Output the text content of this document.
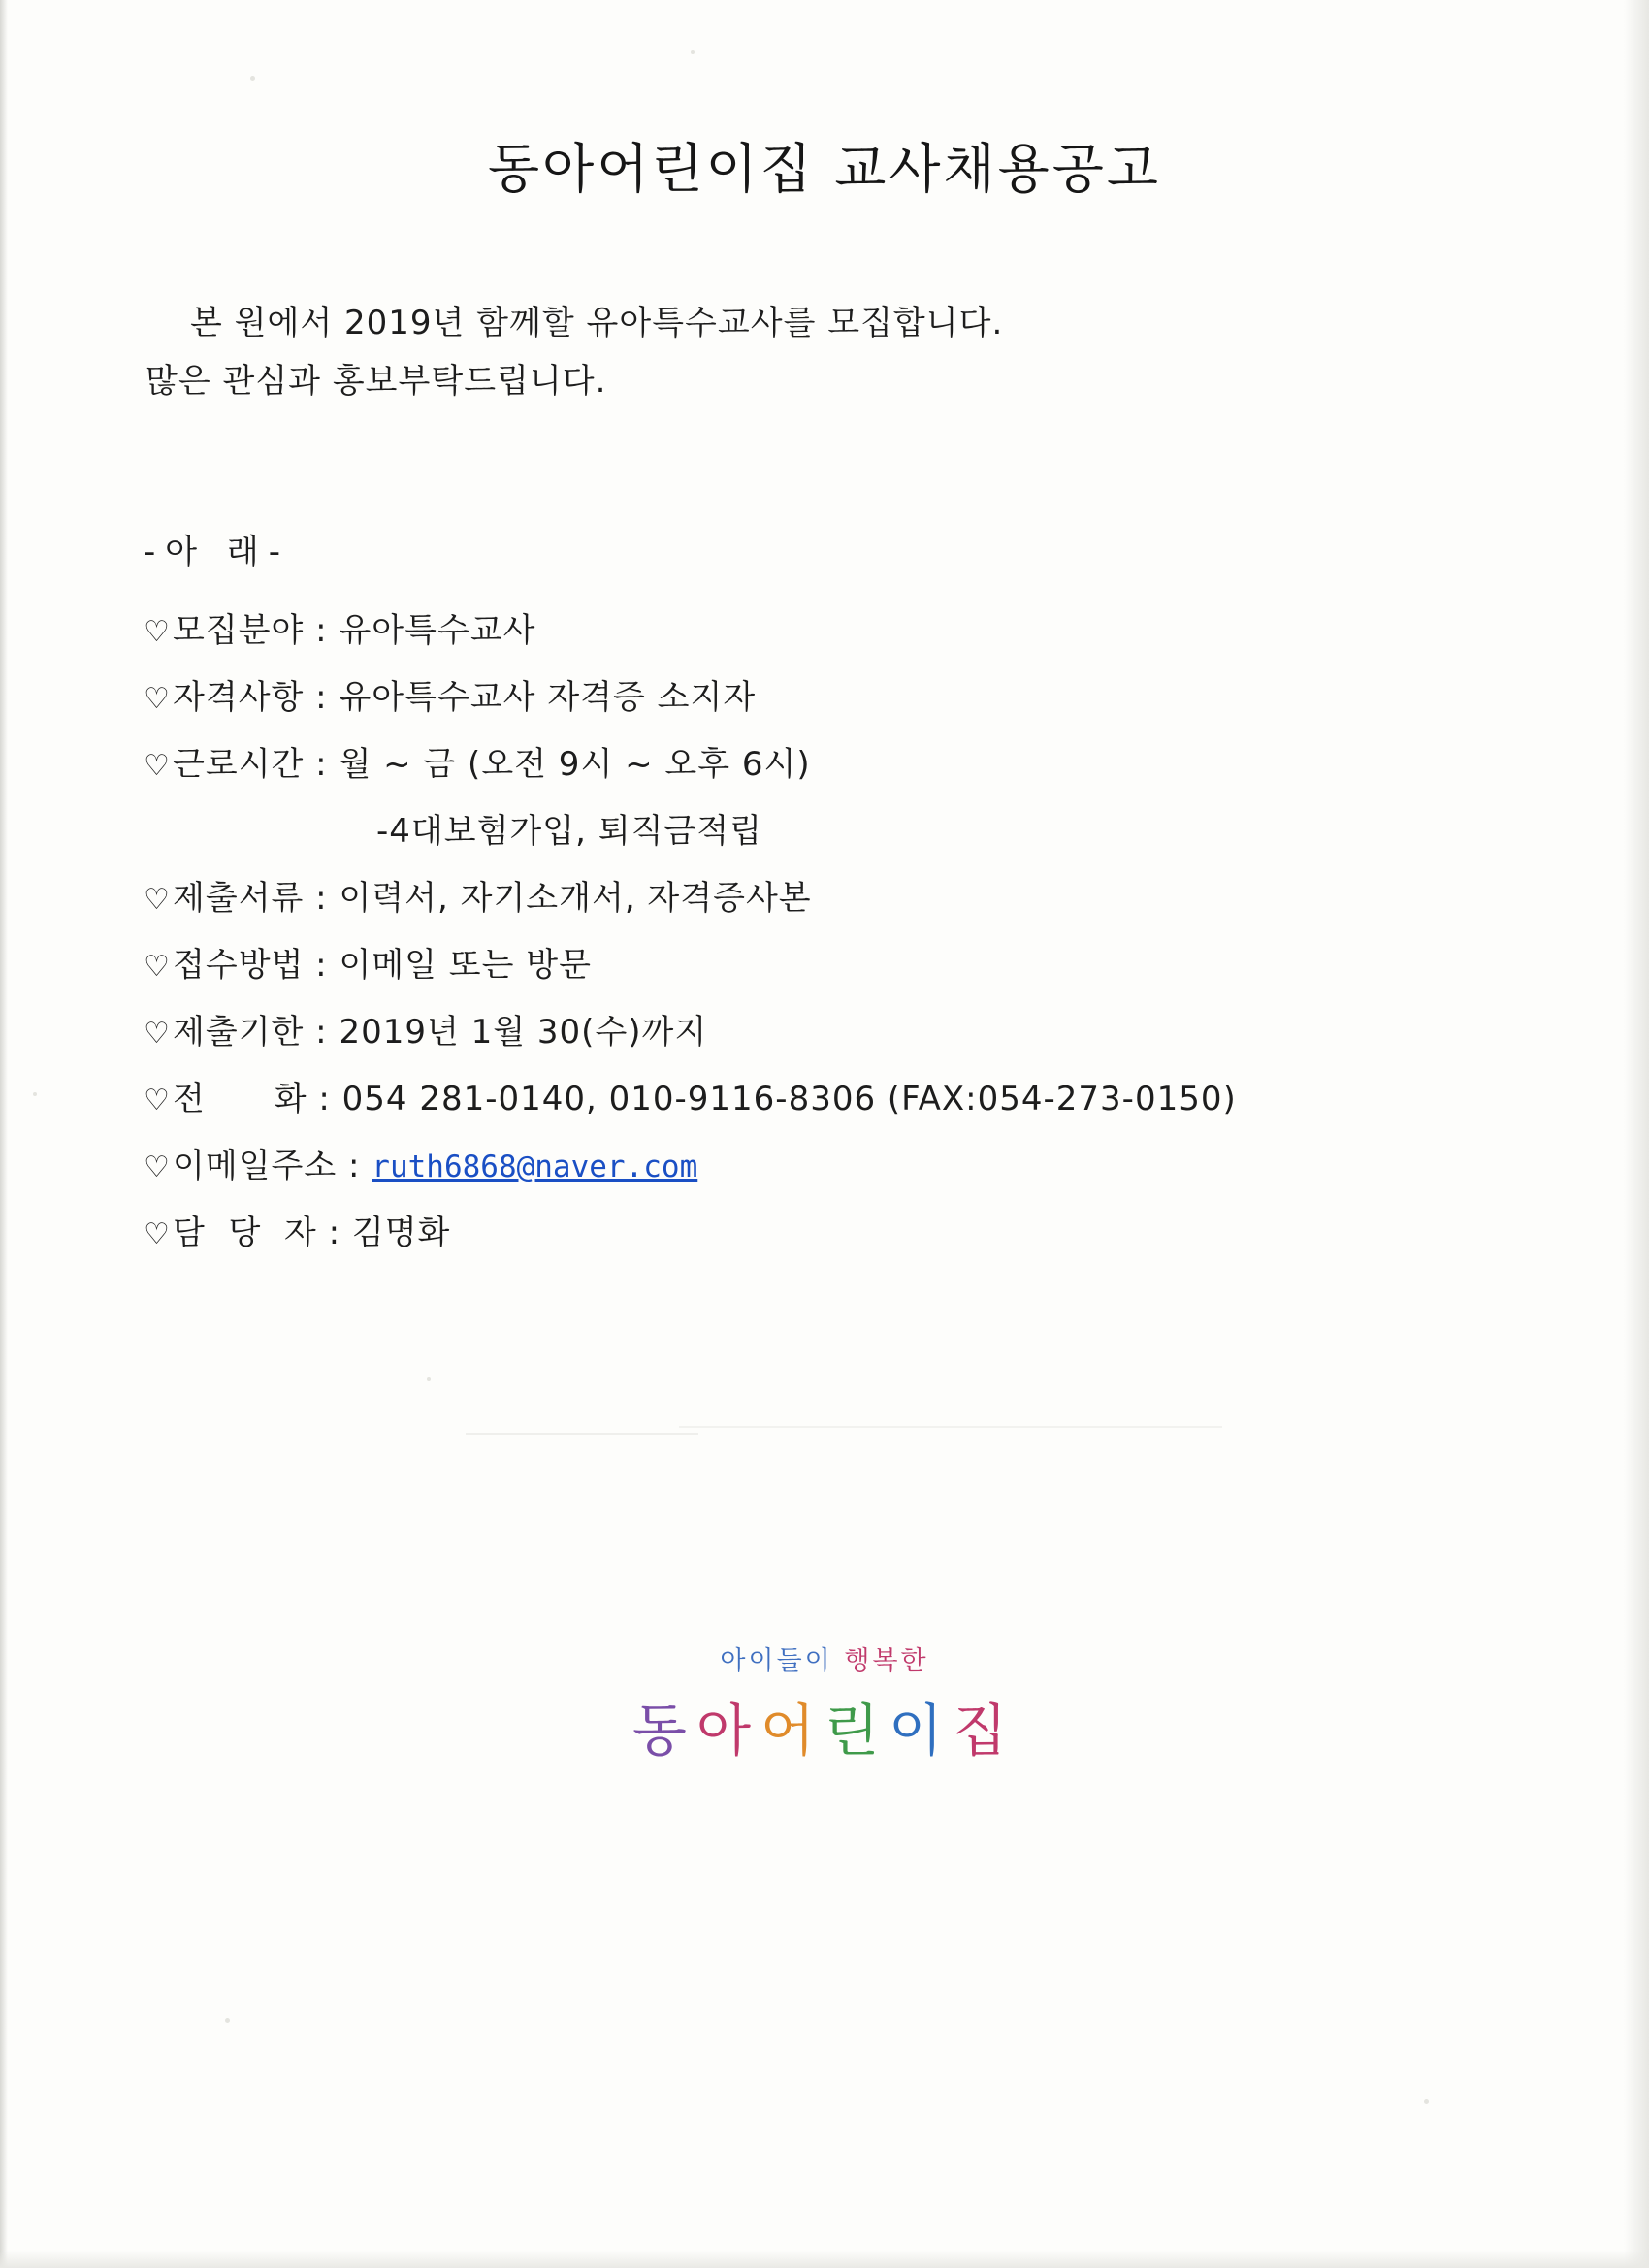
동아어린이집 교사채용공고
본 원에서 2019년 함께할 유아특수교사를 모집합니다.
많은 관심과 홍보부탁드립니다.
-아 래-
♡모집분야 : 유아특수교사
♡자격사항 : 유아특수교사 자격증 소지자
♡근로시간 : 월 ~ 금 (오전 9시 ~ 오후 6시)
-4대보험가입, 퇴직금적립
♡제출서류 : 이력서, 자기소개서, 자격증사본
♡접수방법 : 이메일 또는 방문
♡제출기한 : 2019년 1월 30(수)까지
♡전      화 : 054 281-0140, 010-9116-8306 (FAX:054-273-0150)
♡이메일주소 : ruth6868@naver.com
♡담  당  자 : 김명화
아이들이 행복한
동아어린이집
